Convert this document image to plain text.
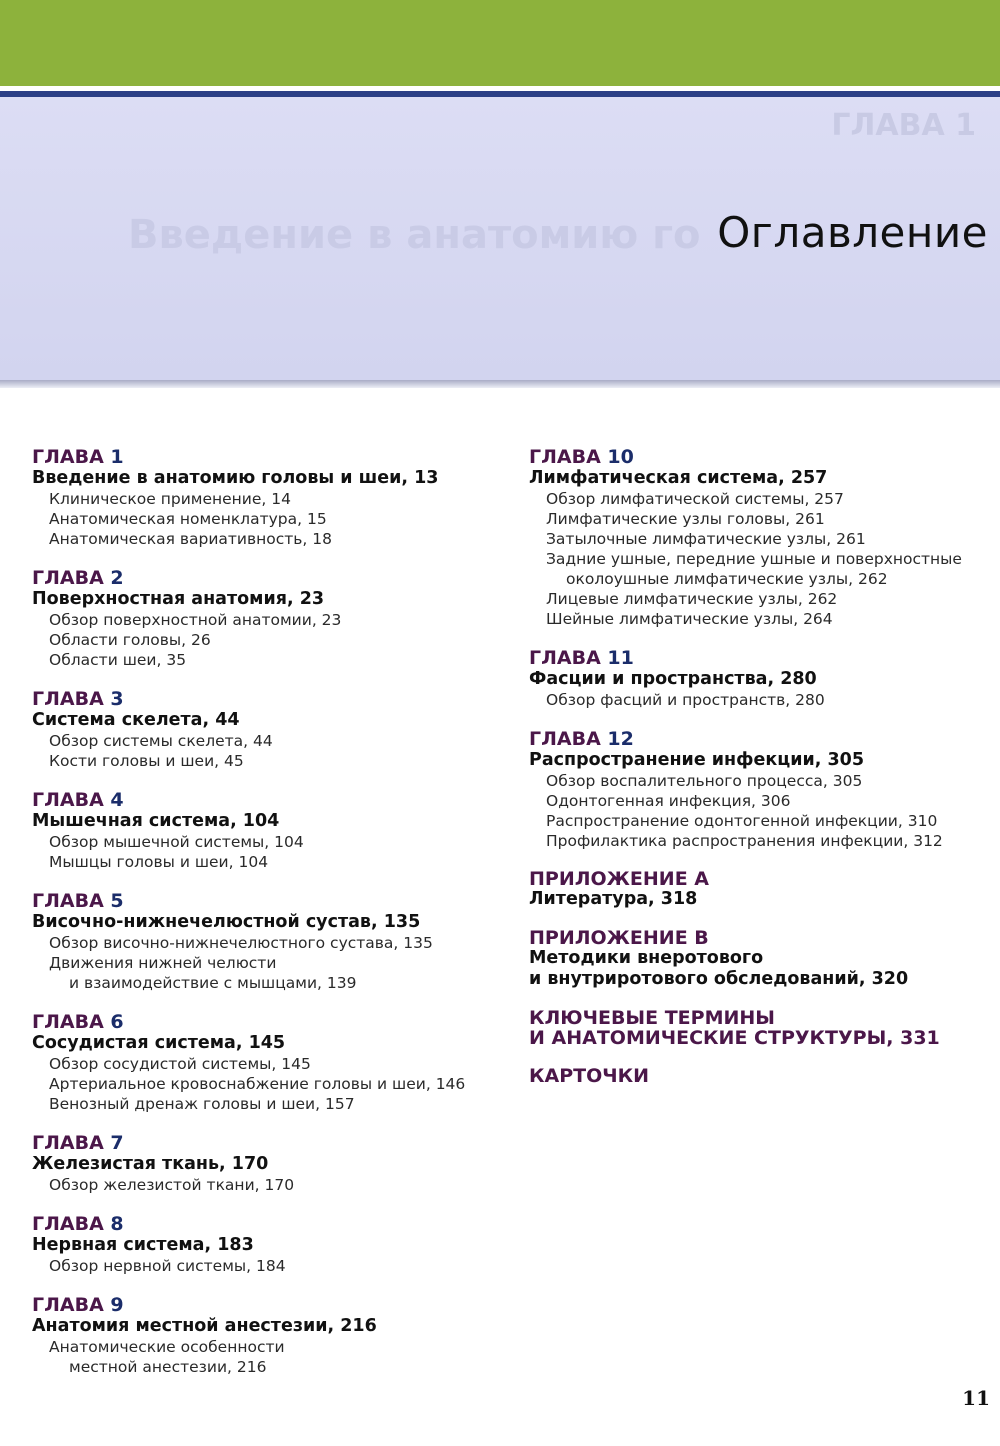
ГЛАВА 1
Введение в анатомию го Оглавление
ГЛАВА 1
Введение в анатомию головы и шеи, 13
Клиническое применение, 14
Анатомическая номенклатура, 15
Анатомическая вариативность, 18
ГЛАВА 2
Поверхностная анатомия, 23
Обзор поверхностной анатомии, 23
Области головы, 26
Области шеи, 35
ГЛАВА 3
Система скелета, 44
Обзор системы скелета, 44
Кости головы и шеи, 45
ГЛАВА 4
Мышечная система, 104
Обзор мышечной системы, 104
Мышцы головы и шеи, 104
ГЛАВА 5
Височно-нижнечелюстной сустав, 135
Обзор височно-нижнечелюстного сустава, 135
Движения нижней челюсти
и взаимодействие с мышцами, 139
ГЛАВА 6
Сосудистая система, 145
Обзор сосудистой системы, 145
Артериальное кровоснабжение головы и шеи, 146
Венозный дренаж головы и шеи, 157
ГЛАВА 7
Железистая ткань, 170
Обзор железистой ткани, 170
ГЛАВА 8
Нервная система, 183
Обзор нервной системы, 184
ГЛАВА 9
Анатомия местной анестезии, 216
Анатомические особенности
местной анестезии, 216
ГЛАВА 10
Лимфатическая система, 257
Обзор лимфатической системы, 257
Лимфатические узлы головы, 261
Затылочные лимфатические узлы, 261
Задние ушные, передние ушные и поверхностные
околоушные лимфатические узлы, 262
Лицевые лимфатические узлы, 262
Шейные лимфатические узлы, 264
ГЛАВА 11
Фасции и пространства, 280
Обзор фасций и пространств, 280
ГЛАВА 12
Распространение инфекции, 305
Обзор воспалительного процесса, 305
Одонтогенная инфекция, 306
Распространение одонтогенной инфекции, 310
Профилактика распространения инфекции, 312
ПРИЛОЖЕНИЕ А
Литература, 318
ПРИЛОЖЕНИЕ В
Методики внеротового
и внутриротового обследований, 320
КЛЮЧЕВЫЕ ТЕРМИНЫ
И АНАТОМИЧЕСКИЕ СТРУКТУРЫ, 331
КАРТОЧКИ
11
